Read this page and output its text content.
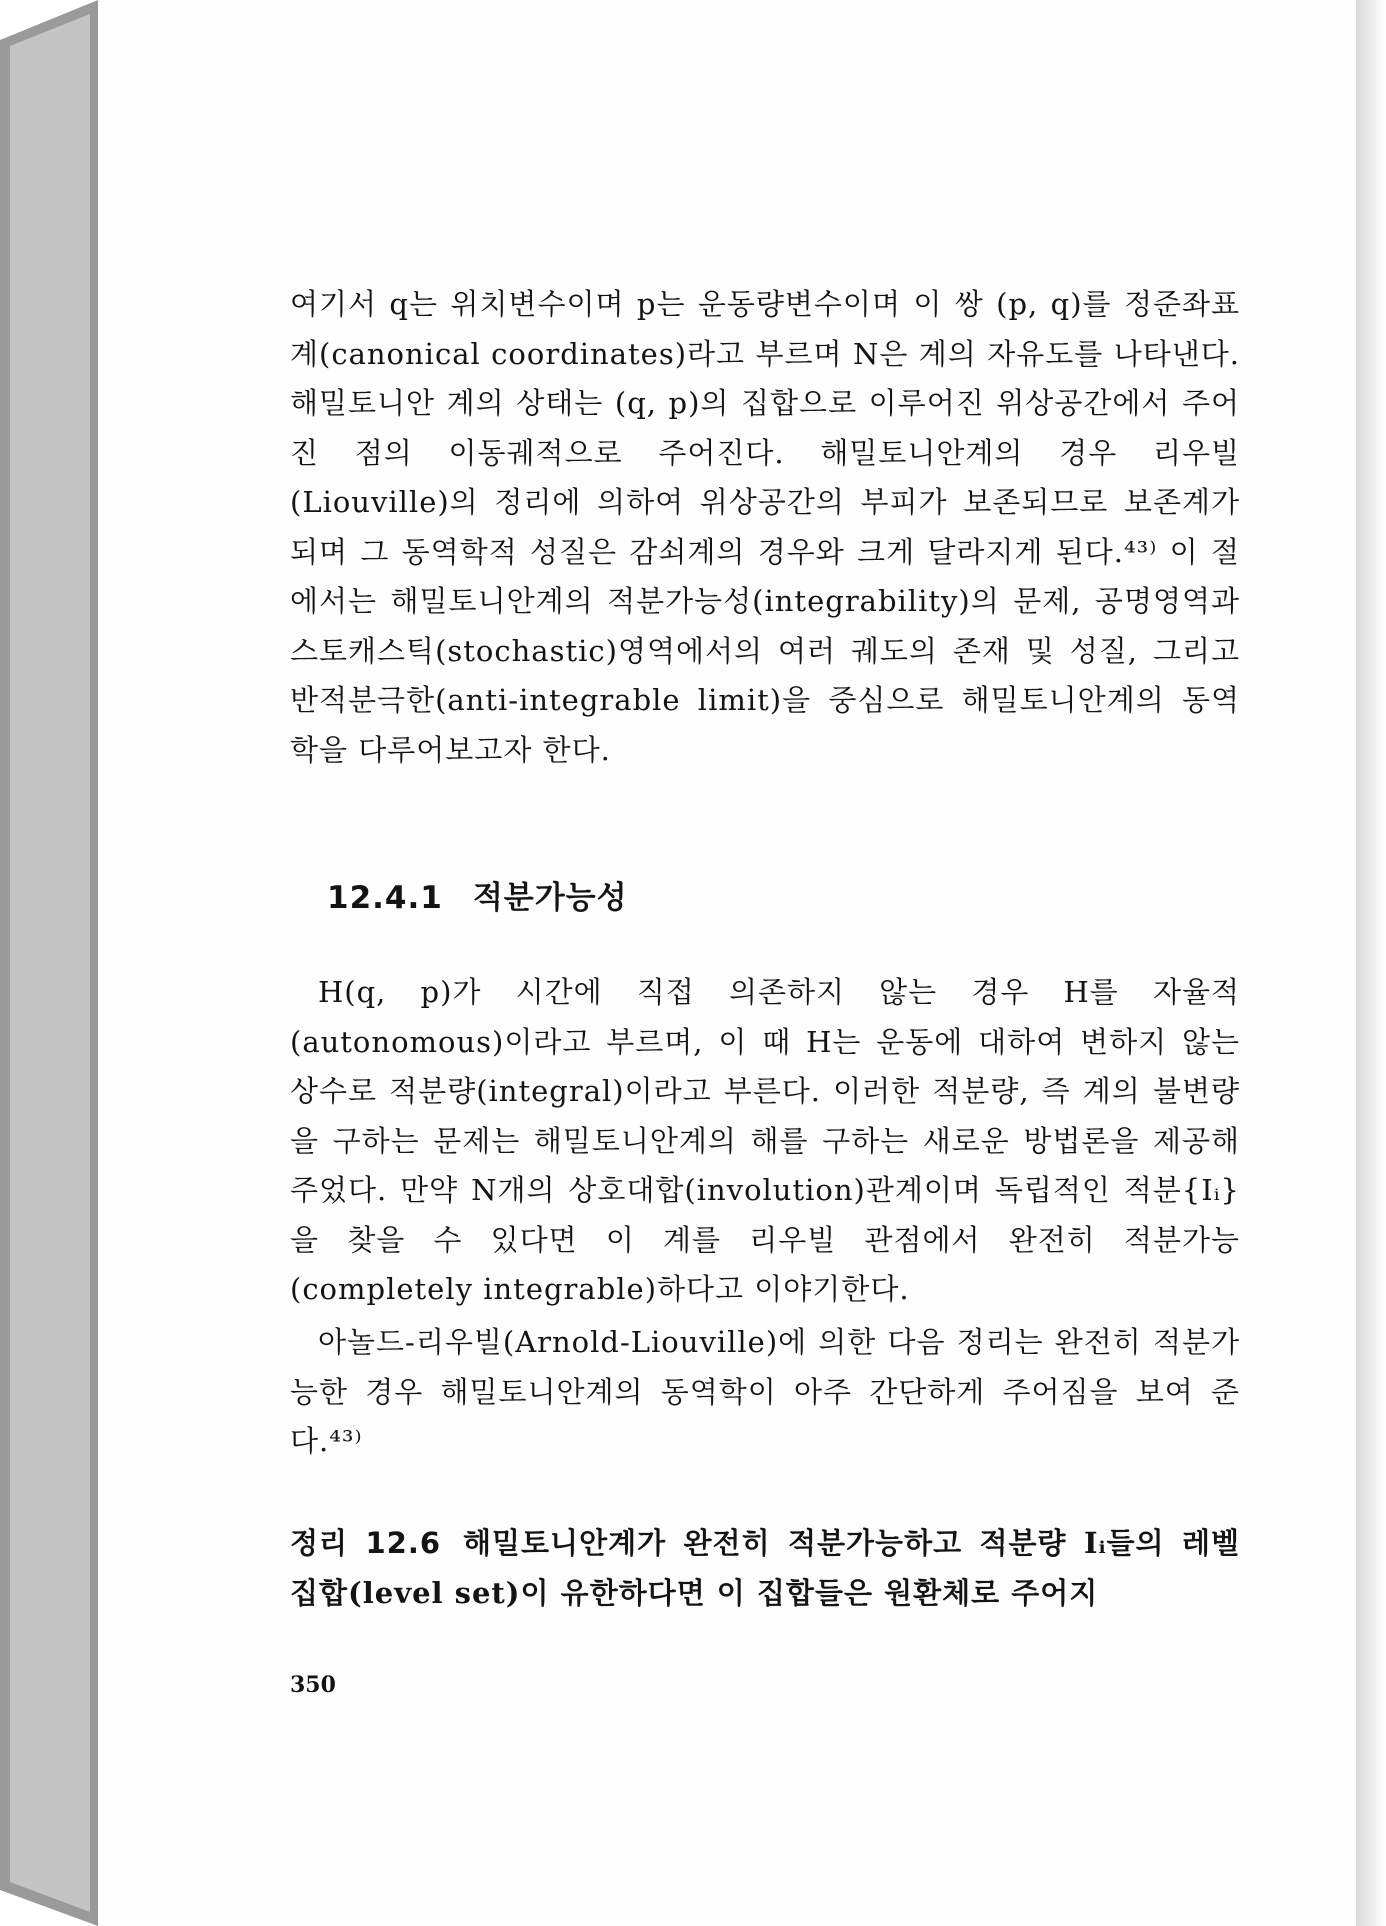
여기서 q는 위치변수이며 p는 운동량변수이며 이 쌍 (p, q)를 정준좌표계(canonical coordinates)라고 부르며 N은 계의 자유도를 나타낸다. 해밀토니안 계의 상태는 (q, p)의 집합으로 이루어진 위상공간에서 주어진 점의 이동궤적으로 주어진다. 해밀토니안계의 경우 리우빌(Liouville)의 정리에 의하여 위상공간의 부피가 보존되므로 보존계가 되며 그 동역학적 성질은 감쇠계의 경우와 크게 달라지게 된다.⁴³⁾ 이 절에서는 해밀토니안계의 적분가능성(integrability)의 문제, 공명영역과 스토캐스틱(stochastic)영역에서의 여러 궤도의 존재 및 성질, 그리고 반적분극한(anti-integrable limit)을 중심으로 해밀토니안계의 동역학을 다루어보고자 한다.

12.4.1 적분가능성

H(q, p)가 시간에 직접 의존하지 않는 경우 H를 자율적(autonomous)이라고 부르며, 이 때 H는 운동에 대하여 변하지 않는 상수로 적분량(integral)이라고 부른다. 이러한 적분량, 즉 계의 불변량을 구하는 문제는 해밀토니안계의 해를 구하는 새로운 방법론을 제공해 주었다. 만약 N개의 상호대합(involution)관계이며 독립적인 적분{Iᵢ}을 찾을 수 있다면 이 계를 리우빌 관점에서 완전히 적분가능(completely integrable)하다고 이야기한다.

아놀드-리우빌(Arnold-Liouville)에 의한 다음 정리는 완전히 적분가능한 경우 해밀토니안계의 동역학이 아주 간단하게 주어짐을 보여 준다.⁴³⁾

정리 12.6 해밀토니안계가 완전히 적분가능하고 적분량 Iᵢ들의 레벨 집합(level set)이 유한하다면 이 집합들은 원환체로 주어지
350
